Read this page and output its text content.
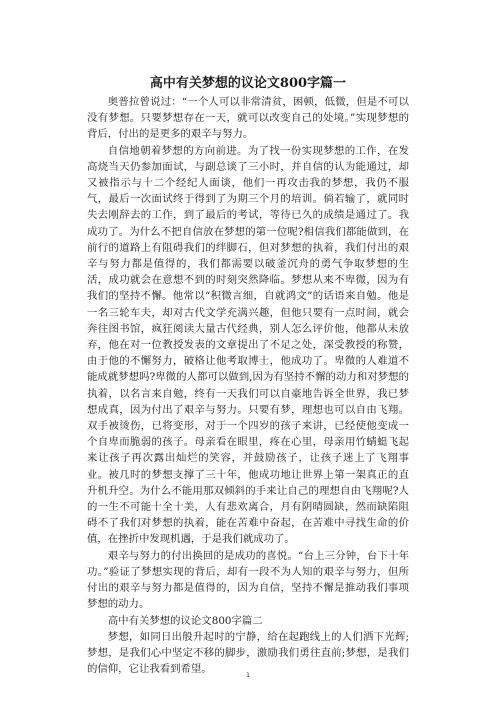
高中有关梦想的议论文800字篇一

奥普拉曾说过：“一个人可以非常清贫，困顿，低微，但是不可以没有梦想。只要梦想存在一天，就可以改变自己的处境。”实现梦想的背后，付出的是更多的艰辛与努力。

自信地朝着梦想的方向前进。为了找一份实现梦想的工作，在发高烧当天仍参加面试，与副总谈了三小时，并自信的认为能通过，却又被指示与十二个经纪人面谈，他们一再攻击我的梦想，我仍不服气，最后一次面试终于得到了为期三个月的培训。倘若输了，就同时失去刚辞去的工作，到了最后的考试，等待已久的成绩是通过了。我成功了。为什么不把自信放在梦想的第一位呢?相信我们都能做到，在前行的道路上有阻碍我们的绊脚石，但对梦想的执着，我们付出的艰辛与努力都是值得的，我们都需要以破釜沉舟的勇气争取梦想的生活，成功就会在意想不到的时刻突然降临。梦想从来不卑微，因为有我们的坚持不懈。他常以“积微言细，自就鸿文”的话语来自勉。他是一名三轮车夫，却对古代文学充满兴趣，但他只要有一点时间，就会奔往图书馆，疯狂阅读大量古代经典，别人怎么评价他，他都从未放弃，他在对一位教授发表的文章提出了不足之处，深受教授的称赞，由于他的不懈努力，破格让他考取博士，他成功了。卑微的人难道不能成就梦想吗?卑微的人都可以做到,因为有坚持不懈的动力和对梦想的执着，以名言来自勉，终有一天我们可以自豪地告诉全世界，我已梦想成真，因为付出了艰辛与努力。只要有梦，理想也可以自由飞翔。双手被烫伤，已将变形，对于一个四岁的孩子来讲，已经使他变成一个自卑而脆弱的孩子。母亲看在眼里，疼在心里，母亲用竹蜻蜓飞起来让孩子再次露出灿烂的笑容，并鼓励孩子，让孩子迷上了飞翔事业。被几时的梦想支撑了三十年，他成功地让世界上第一架真正的直升机升空。为什么不能用那双倾斜的手来让自己的理想自由飞翔呢?人的一生不可能十全十美，人有悲欢离合，月有阴晴圆缺，然而缺陷阻碍不了我们对梦想的执着，能在苦难中奋起，在苦难中寻找生命的价值，在挫折中发现机遇，于是我们就成功了。

艰辛与努力的付出换回的是成功的喜悦。“台上三分钟，台下十年功。”验证了梦想实现的背后，却有一段不为人知的艰辛与努力，但所付出的艰辛与努力都是值得的，因为自信，坚持不懈是推动我们事项梦想的动力。

高中有关梦想的议论文800字篇二

梦想，如同日出般升起时的宁静，给在起跑线上的人们洒下光辉;梦想，是我们心中坚定不移的脚步，激励我们勇往直前;梦想，是我们的信仰，它让我看到希望。

1
